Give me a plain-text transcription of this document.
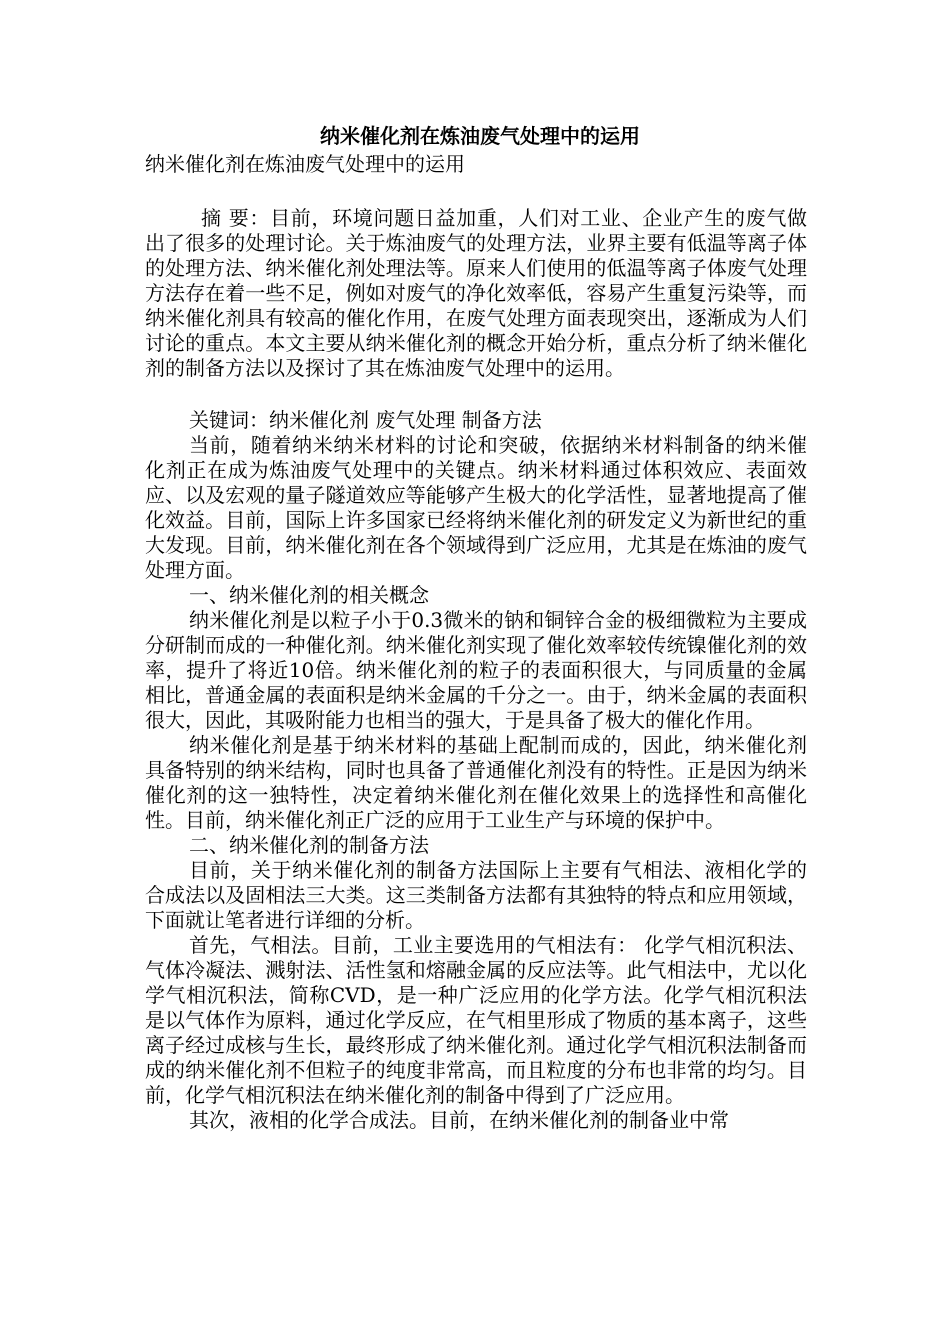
纳米催化剂在炼油废气处理中的运用

纳米催化剂在炼油废气处理中的运用

摘 要：目前，环境问题日益加重，人们对工业、企业产生的废气做出了很多的处理讨论。关于炼油废气的处理方法，业界主要有低温等离子体的处理方法、纳米催化剂处理法等。原来人们使用的低温等离子体废气处理方法存在着一些不足，例如对废气的净化效率低，容易产生重复污染等，而纳米催化剂具有较高的催化作用，在废气处理方面表现突出，逐渐成为人们讨论的重点。本文主要从纳米催化剂的概念开始分析，重点分析了纳米催化剂的制备方法以及探讨了其在炼油废气处理中的运用。

关键词：纳米催化剂 废气处理 制备方法

当前，随着纳米纳米材料的讨论和突破，依据纳米材料制备的纳米催化剂正在成为炼油废气处理中的关键点。纳米材料通过体积效应、表面效应、以及宏观的量子隧道效应等能够产生极大的化学活性，显著地提高了催化效益。目前，国际上许多国家已经将纳米催化剂的研发定义为新世纪的重大发现。目前，纳米催化剂在各个领域得到广泛应用，尤其是在炼油的废气处理方面。

一、纳米催化剂的相关概念

纳米催化剂是以粒子小于0.3微米的钠和铜锌合金的极细微粒为主要成分研制而成的一种催化剂。纳米催化剂实现了催化效率较传统镍催化剂的效率，提升了将近10倍。纳米催化剂的粒子的表面积很大，与同质量的金属相比，普通金属的表面积是纳米金属的千分之一。由于，纳米金属的表面积很大，因此，其吸附能力也相当的强大，于是具备了极大的催化作用。

纳米催化剂是基于纳米材料的基础上配制而成的，因此，纳米催化剂具备特别的纳米结构，同时也具备了普通催化剂没有的特性。正是因为纳米催化剂的这一独特性，决定着纳米催化剂在催化效果上的选择性和高催化性。目前，纳米催化剂正广泛的应用于工业生产与环境的保护中。

二、纳米催化剂的制备方法

目前，关于纳米催化剂的制备方法国际上主要有气相法、液相化学的合成法以及固相法三大类。这三类制备方法都有其独特的特点和应用领域，下面就让笔者进行详细的分析。

首先，气相法。目前，工业主要选用的气相法有： 化学气相沉积法、气体冷凝法、溅射法、活性氢和熔融金属的反应法等。此气相法中，尤以化学气相沉积法，简称CVD，是一种广泛应用的化学方法。化学气相沉积法是以气体作为原料，通过化学反应，在气相里形成了物质的基本离子，这些离子经过成核与生长，最终形成了纳米催化剂。通过化学气相沉积法制备而成的纳米催化剂不但粒子的纯度非常高，而且粒度的分布也非常的均匀。目前，化学气相沉积法在纳米催化剂的制备中得到了广泛应用。

其次，液相的化学合成法。目前，在纳米催化剂的制备业中常
